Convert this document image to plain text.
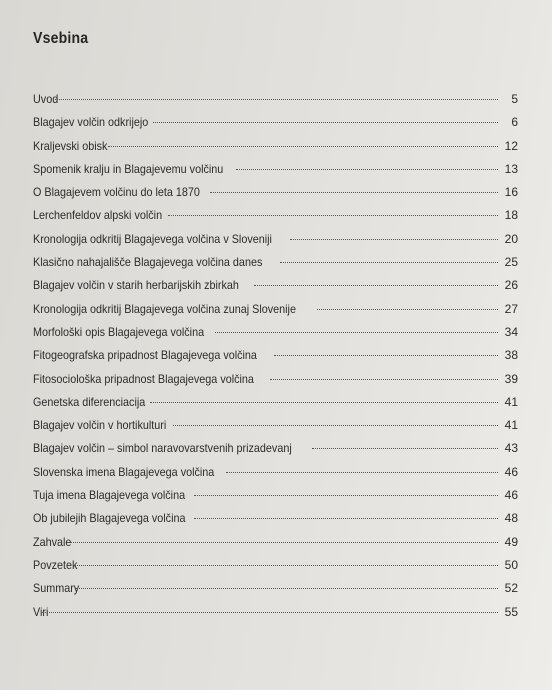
Vsebina
Uvod	5
Blagajev volčin odkrijejo	6
Kraljevski obisk	12
Spomenik kralju in Blagajevemu volčinu	13
O Blagajevem volčinu do leta 1870	16
Lerchenfeldov alpski volčin	18
Kronologija odkritij Blagajevega volčina v Sloveniji	20
Klasično nahajališče Blagajevega volčina danes	25
Blagajev volčin v starih herbarijskih zbirkah	26
Kronologija odkritij Blagajevega volčina zunaj Slovenije	27
Morfološki opis Blagajevega volčina	34
Fitogeografska pripadnost Blagajevega volčina	38
Fitosociološka pripadnost Blagajevega volčina	39
Genetska diferenciacija	41
Blagajev volčin v hortikulturi	41
Blagajev volčin – simbol naravovarstvenih prizadevanj	43
Slovenska imena Blagajevega volčina	46
Tuja imena Blagajevega volčina	46
Ob jubilejih Blagajevega volčina	48
Zahvale	49
Povzetek	50
Summary	52
Viri	55
